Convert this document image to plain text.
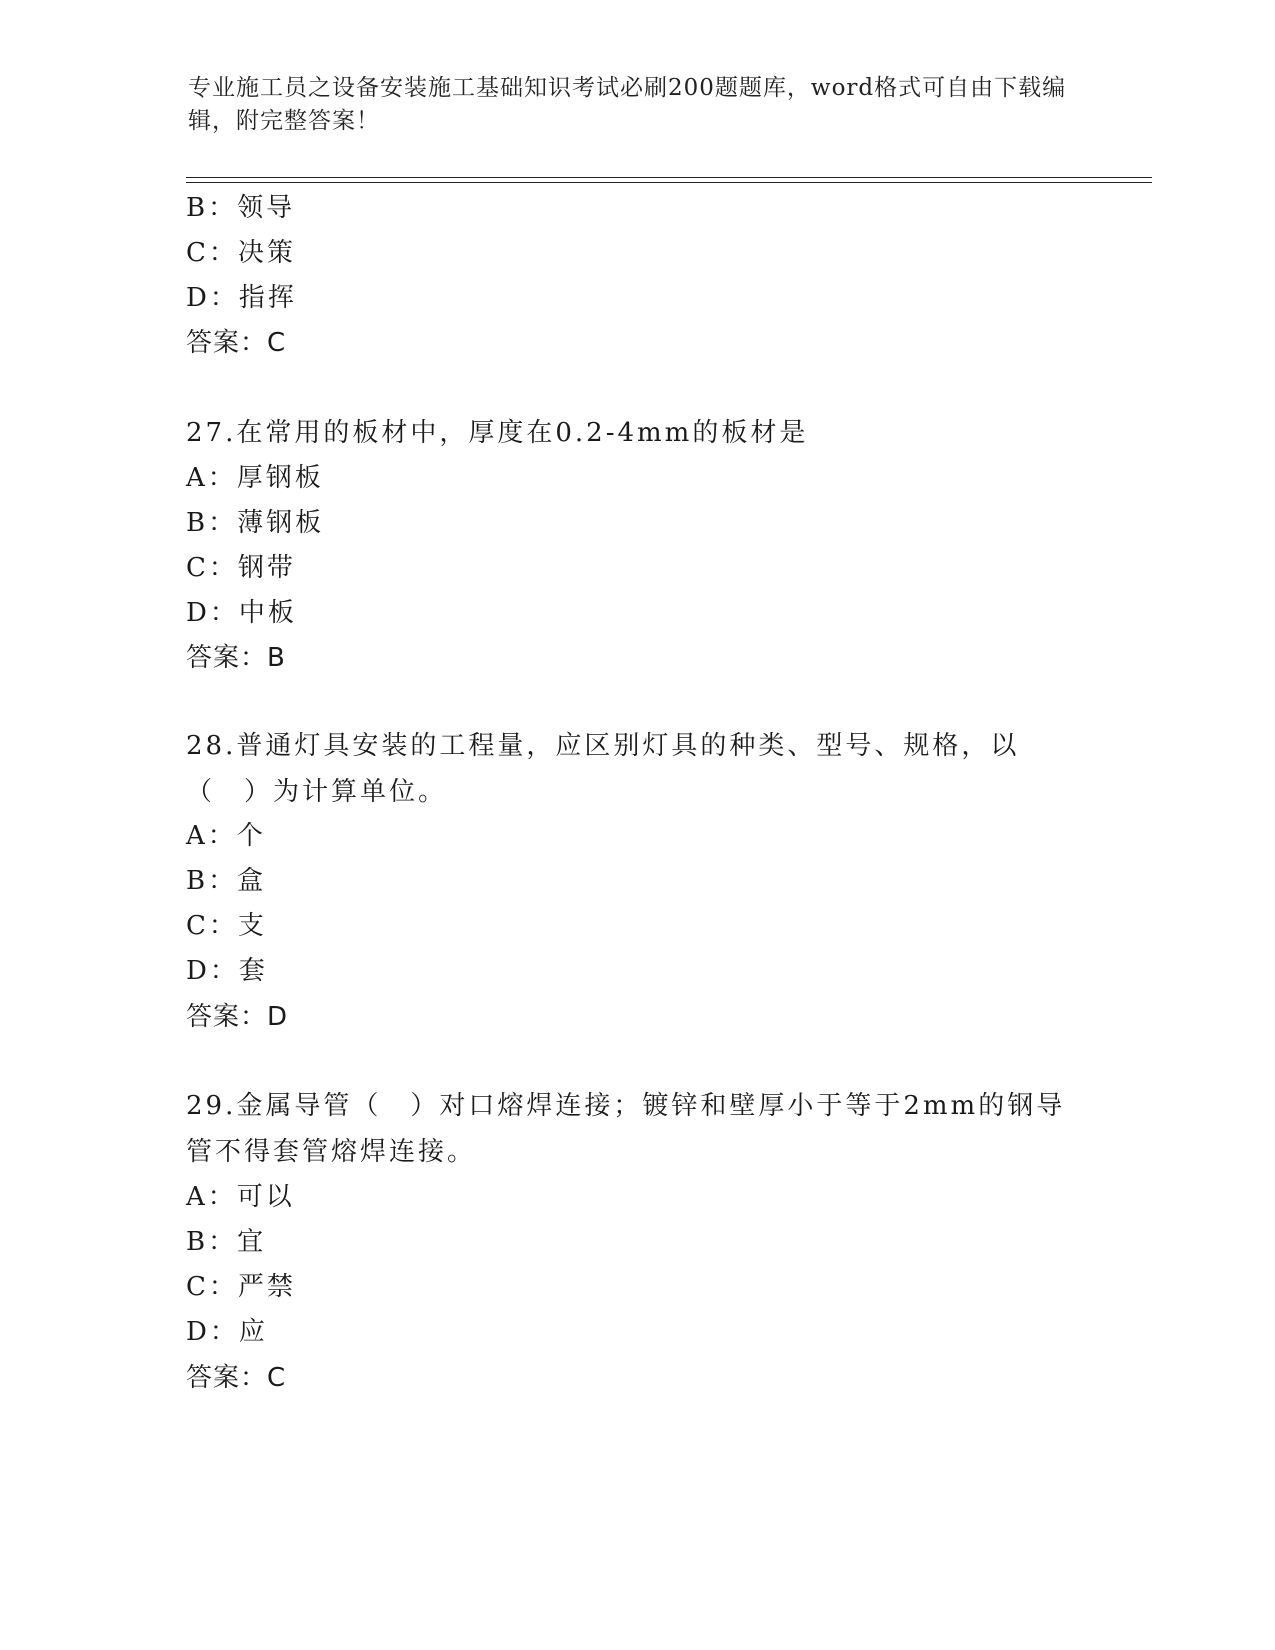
专业施工员之设备安装施工基础知识考试必刷200题题库，word格式可自由下载编辑，附完整答案！
B：领导
C：决策
D：指挥
答案：C
27.在常用的板材中，厚度在0.2-4mm的板材是
A：厚钢板
B：薄钢板
C：钢带
D：中板
答案：B
28.普通灯具安装的工程量，应区别灯具的种类、型号、规格，以（　）为计算单位。
A：个
B：盒
C：支
D：套
答案：D
29.金属导管（　）对口熔焊连接；镀锌和壁厚小于等于2mm的钢导管不得套管熔焊连接。
A：可以
B：宜
C：严禁
D：应
答案：C
